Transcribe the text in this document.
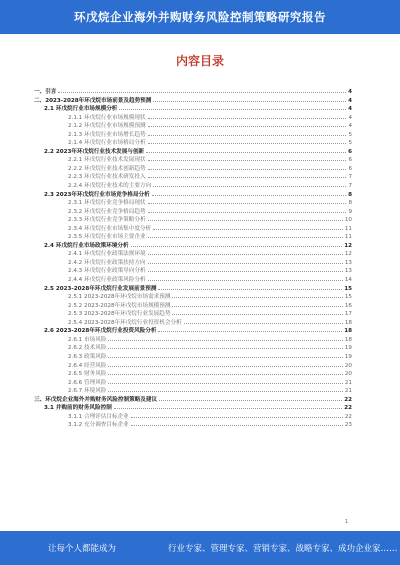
环戊烷企业海外并购财务风险控制策略研究报告
内容目录
一、引言	4
二、2023-2028年环戊烷市场前景及趋势预测	4
2.1 环戊烷行业市场规模分析	4
2.1.1 环戊烷行业市场规模现状	4
2.1.2 环戊烷行业市场规模预测	4
2.1.3 环戊烷行业市场增长趋势	5
2.1.4 环戊烷行业市场格局分析	5
2.2 2023年环戊烷行业技术发展与创新	6
2.2.1 环戊烷行业技术发展现状	6
2.2.2 环戊烷行业技术创新趋势	6
2.2.3 环戊烷行业技术研发投入	7
2.2.4 环戊烷行业技术的主要方向	7
2.3 2023年环戊烷行业市场竞争格局分析	8
2.3.1 环戊烷行业竞争格局现状	8
2.3.2 环戊烷行业竞争格局趋势	9
2.3.3 环戊烷行业竞争策略分析	10
2.3.4 环戊烷行业市场集中度分析	11
2.3.5 环戊烷行业市场主要企业	11
2.4 环戊烷行业市场政策环境分析	12
2.4.1 环戊烷行业政策法规环境	12
2.4.2 环戊烷行业政策扶持方向	13
2.4.3 环戊烷行业政策导向分析	13
2.4.4 环戊烷行业政策风险分析	14
2.5 2023-2028年环戊烷行业发展前景预测	15
2.5.1 2023-2028年环戊烷市场需求预测	15
2.5.2 2023-2028年环戊烷市场规模预测	16
2.5.3 2023-2028年环戊烷行业发展趋势	17
2.5.4 2023-2028年环戊烷行业投资机会分析	18
2.6 2023-2028年环戊烷行业投资风险分析	18
2.6.1 市场风险	18
2.6.2 技术风险	19
2.6.3 政策风险	19
2.6.4 经营风险	20
2.6.5 财务风险	20
2.6.6 管理风险	21
2.6.7 环境风险	21
三、环戊烷企业海外并购财务风险控制策略及建议	22
3.1 并购前的财务风险控制	22
3.1.1 合理评估目标企业	22
3.1.2 充分调查目标企业	23
1
让每个人都能成为	行业专家、管理专家、营销专家、战略专家、成功企业家……
